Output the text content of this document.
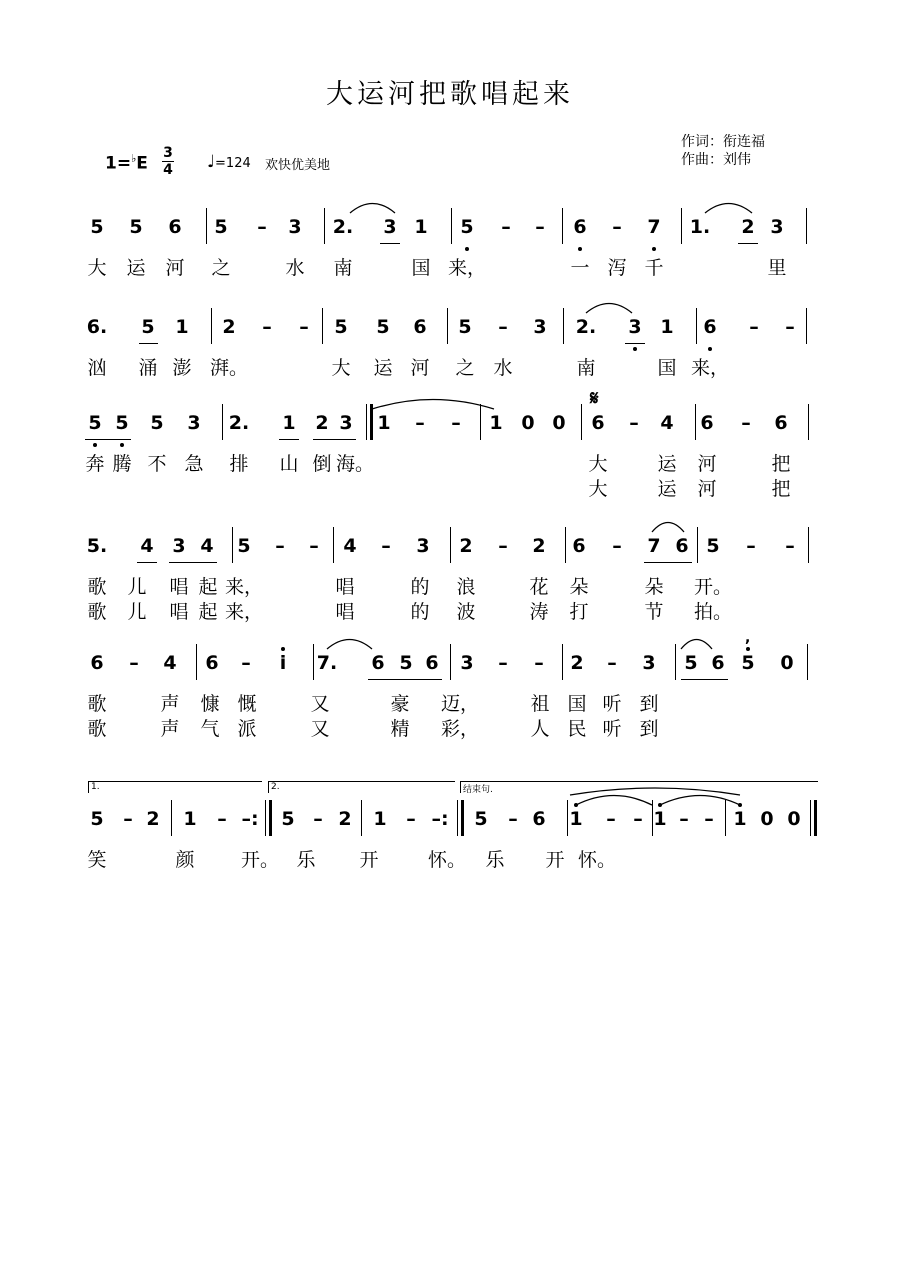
大运河把歌唱起来
作词：衔连福
作曲：刘伟
1=♭E
3
4 ♩=124 欢快优美地
5 5 6 5 – 3 2. 3 1 5 – – 6 – 7 1. 2 3
大 运 河 之	水 南	国 来，	一 泻 千	里
6. 5 1 2 – – 5 5 6 5 – 3 2. 3 1 6 – –
汹 涌 澎 湃。	大 运 河 之 水	南	国 来，
5 5 5 3 2. 1 2 3 1 – – 1 0 0 6 – 4 6 – 6
𝄋
奔 腾 不 急 排 山 倒 海。	大	运 河	把
大	运 河	把
5. 4 3 4 5 – – 4 – 3 2 – 2 6 – 7 6 5 – –
歌 儿 唱 起 来，	唱	的 浪	花 朵	朵 开。
歌 儿 唱 起 来，	唱	的 波	涛 打	节 拍。
6 – 4 6 – i 7. 6 5 6 3 – – 2 – 3 5 6 5 0
,
歌	声 慷 慨	又	豪 迈，	祖 国 听 到
歌	声 气 派	又	精 彩，	人 民 听 到
5 – 2 1 – –: 5 – 2 1 – –: 5 – 6 1 – – 1 – – 1 0 0
笑	颜 开。 乐 开	怀。 乐 开 怀。
1.	2.	结束句.
